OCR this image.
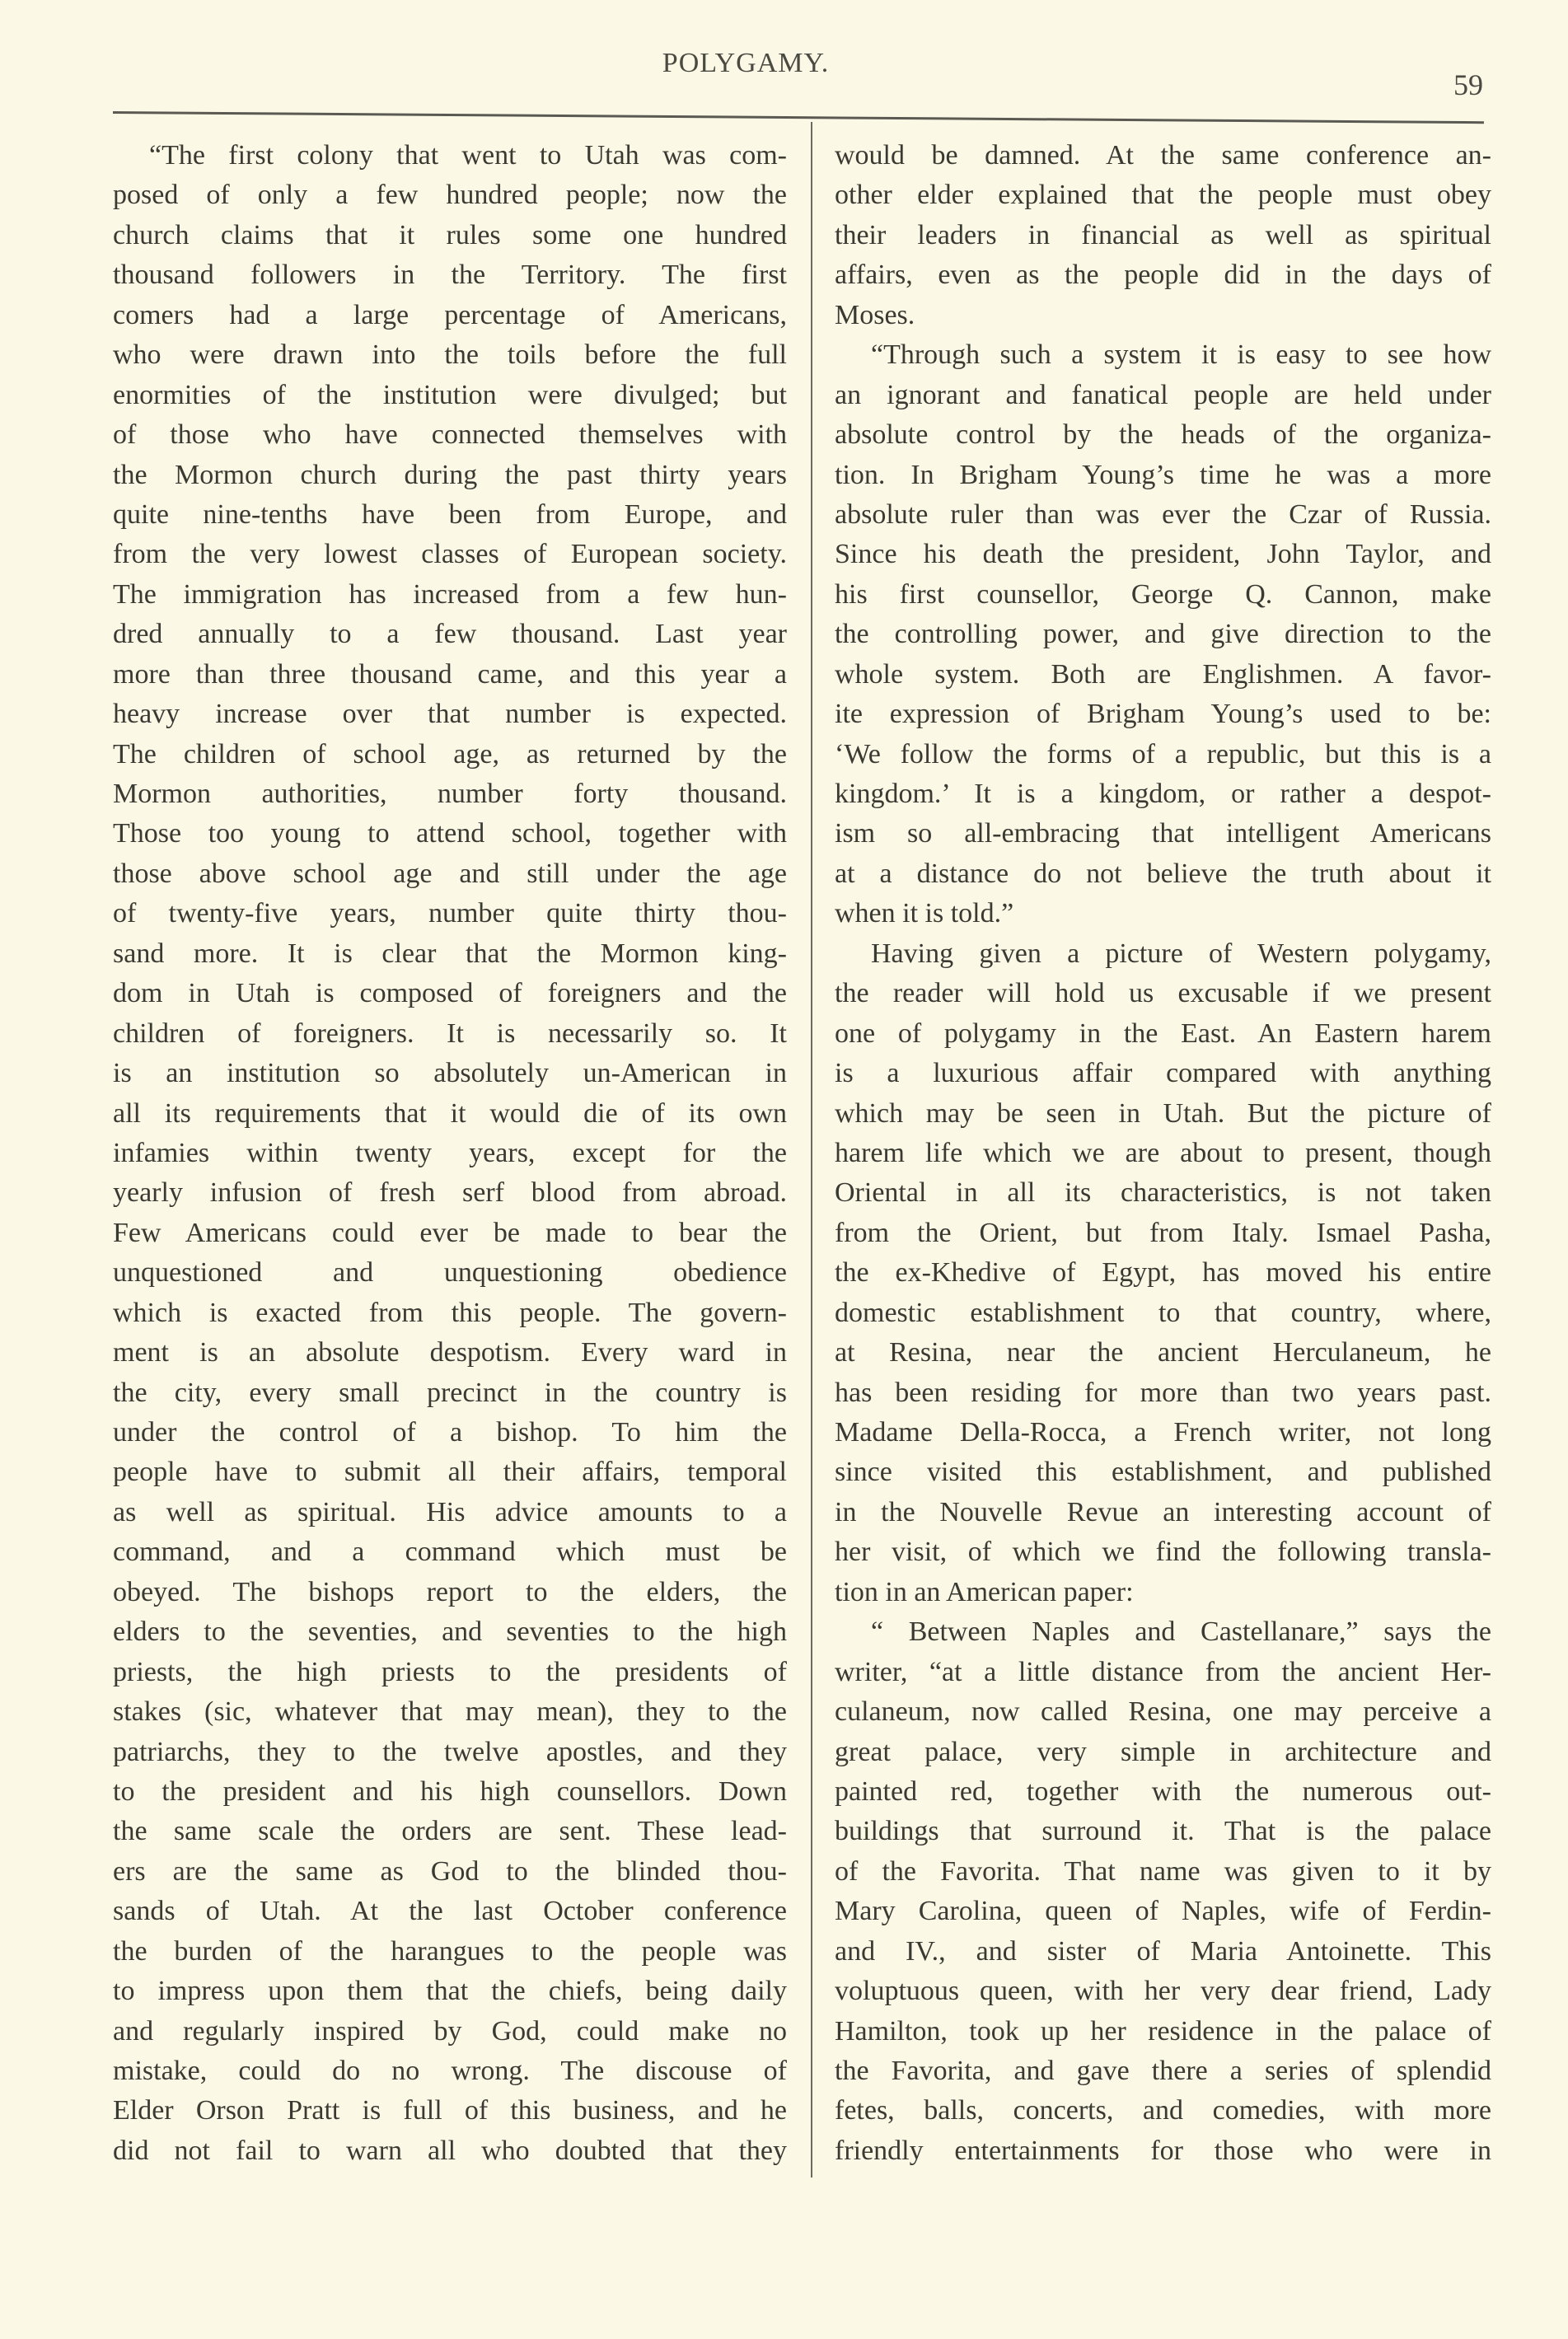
POLYGAMY.
59
“The first colony that went to Utah was com-
posed of only a few hundred people; now the
church claims that it rules some one hundred
thousand followers in the Territory. The first
comers had a large percentage of Americans,
who were drawn into the toils before the full
enormities of the institution were divulged; but
of those who have connected themselves with
the Mormon church during the past thirty years
quite nine-tenths have been from Europe, and
from the very lowest classes of European society.
The immigration has increased from a few hun-
dred annually to a few thousand. Last year
more than three thousand came, and this year a
heavy increase over that number is expected.
The children of school age, as returned by the
Mormon authorities, number forty thousand.
Those too young to attend school, together with
those above school age and still under the age
of twenty-five years, number quite thirty thou-
sand more. It is clear that the Mormon king-
dom in Utah is composed of foreigners and the
children of foreigners. It is necessarily so. It
is an institution so absolutely un-American in
all its requirements that it would die of its own
infamies within twenty years, except for the
yearly infusion of fresh serf blood from abroad.
Few Americans could ever be made to bear the
unquestioned and unquestioning obedience
which is exacted from this people. The govern-
ment is an absolute despotism. Every ward in
the city, every small precinct in the country is
under the control of a bishop. To him the
people have to submit all their affairs, temporal
as well as spiritual. His advice amounts to a
command, and a command which must be
obeyed. The bishops report to the elders, the
elders to the seventies, and seventies to the high
priests, the high priests to the presidents of
stakes (sic, whatever that may mean), they to the
patriarchs, they to the twelve apostles, and they
to the president and his high counsellors. Down
the same scale the orders are sent. These lead-
ers are the same as God to the blinded thou-
sands of Utah. At the last October conference
the burden of the harangues to the people was
to impress upon them that the chiefs, being daily
and regularly inspired by God, could make no
mistake, could do no wrong. The discouse of
Elder Orson Pratt is full of this business, and he
did not fail to warn all who doubted that they
would be damned. At the same conference an-
other elder explained that the people must obey
their leaders in financial as well as spiritual
affairs, even as the people did in the days of
Moses.
“Through such a system it is easy to see how
an ignorant and fanatical people are held under
absolute control by the heads of the organiza-
tion. In Brigham Young’s time he was a more
absolute ruler than was ever the Czar of Russia.
Since his death the president, John Taylor, and
his first counsellor, George Q. Cannon, make
the controlling power, and give direction to the
whole system. Both are Englishmen. A favor-
ite expression of Brigham Young’s used to be:
‘We follow the forms of a republic, but this is a
kingdom.’ It is a kingdom, or rather a despot-
ism so all-embracing that intelligent Americans
at a distance do not believe the truth about it
when it is told.”
Having given a picture of Western polygamy,
the reader will hold us excusable if we present
one of polygamy in the East. An Eastern harem
is a luxurious affair compared with anything
which may be seen in Utah. But the picture of
harem life which we are about to present, though
Oriental in all its characteristics, is not taken
from the Orient, but from Italy. Ismael Pasha,
the ex-Khedive of Egypt, has moved his entire
domestic establishment to that country, where,
at Resina, near the ancient Herculaneum, he
has been residing for more than two years past.
Madame Della-Rocca, a French writer, not long
since visited this establishment, and published
in the Nouvelle Revue an interesting account of
her visit, of which we find the following transla-
tion in an American paper:
“ Between Naples and Castellanare,” says the
writer, “at a little distance from the ancient Her-
culaneum, now called Resina, one may perceive a
great palace, very simple in architecture and
painted red, together with the numerous out-
buildings that surround it. That is the palace
of the Favorita. That name was given to it by
Mary Carolina, queen of Naples, wife of Ferdin-
and IV., and sister of Maria Antoinette. This
voluptuous queen, with her very dear friend, Lady
Hamilton, took up her residence in the palace of
the Favorita, and gave there a series of splendid
fetes, balls, concerts, and comedies, with more
friendly entertainments for those who were in
